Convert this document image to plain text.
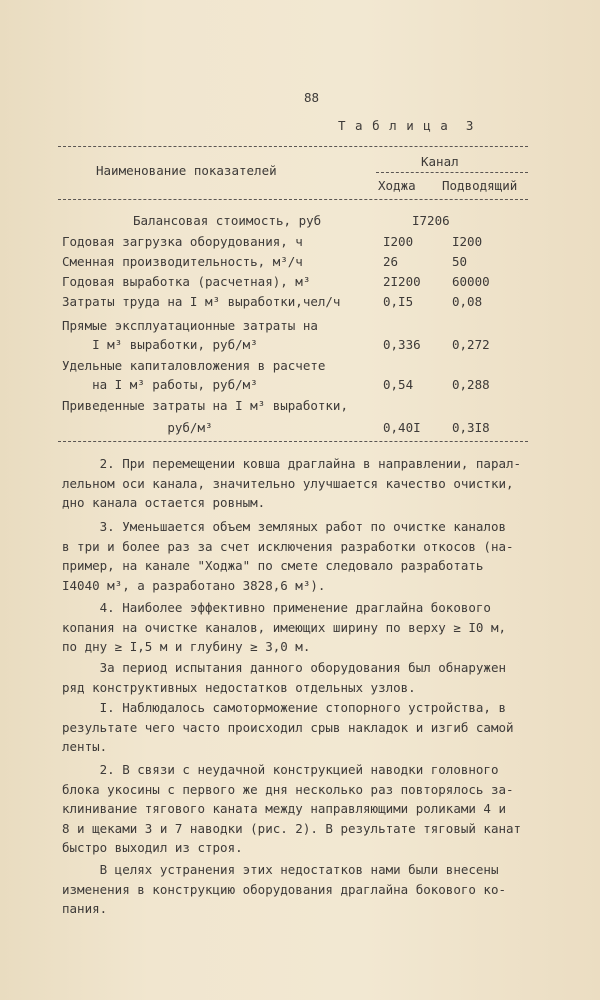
88
Т а б л и ц а  3
Наименование показателей
Канал
Ходжа Подводящий
Балансовая стоимость, руб	I7206
Годовая загрузка оборудования, ч	I200	I200
Сменная производительность, м³/ч	26	50
Годовая выработка (расчетная), м³	2I200	60000
Затраты труда на I м³ выработки,чел/ч	0,I5	0,08
Прямые эксплуатационные затраты на
I м³ выработки, руб/м³	0,336	0,272
Удельные капиталовложения в расчете
на I м³ работы, руб/м³	0,54	0,288
Приведенные затраты на I м³ выработки,
руб/м³	0,40I	0,3I8
2. При перемещении ковша драглайна в направлении, парал-
лельном оси канала, значительно улучшается качество очистки,
дно канала остается ровным.
3. Уменьшается объем земляных работ по очистке каналов
в три и более раз за счет исключения разработки откосов (на-
пример, на канале "Ходжа" по смете следовало разработать
I4040 м³, а разработано 3828,6 м³).
4. Наиболее эффективно применение драглайна бокового
копания на очистке каналов, имеющих ширину по верху ≥ I0 м,
по дну ≥ I,5 м и глубину ≥ 3,0 м.
За период испытания данного оборудования был обнаружен
ряд конструктивных недостатков отдельных узлов.
I. Наблюдалось самоторможение стопорного устройства, в
результате чего часто происходил срыв накладок и изгиб самой
ленты.
2. В связи с неудачной конструкцией наводки головного
блока укосины с первого же дня несколько раз повторялось за-
клинивание тягового каната между направляющими роликами 4 и
8 и щеками 3 и 7 наводки (рис. 2). В результате тяговый канат
быстро выходил из строя.
В целях устранения этих недостатков нами были внесены
изменения в конструкцию оборудования драглайна бокового ко-
пания.
